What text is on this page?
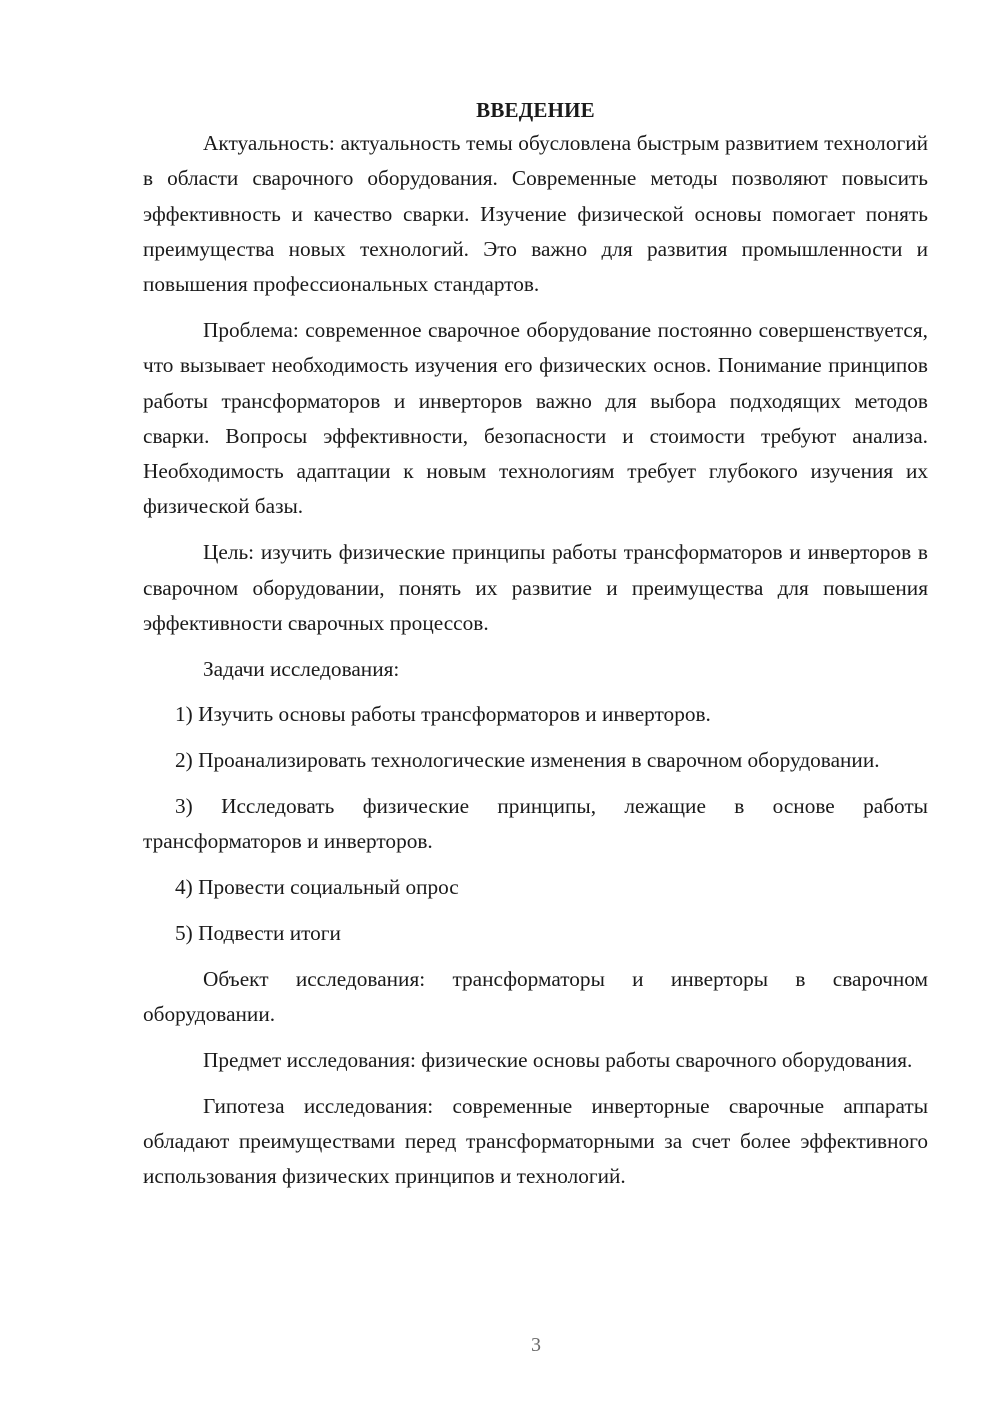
ВВЕДЕНИЕ

Актуальность: актуальность темы обусловлена быстрым развитием технологий в области сварочного оборудования. Современные методы позволяют повысить эффективность и качество сварки. Изучение физической основы помогает понять преимущества новых технологий. Это важно для развития промышленности и повышения профессиональных стандартов.

Проблема: современное сварочное оборудование постоянно совершенствуется, что вызывает необходимость изучения его физических основ. Понимание принципов работы трансформаторов и инверторов важно для выбора подходящих методов сварки. Вопросы эффективности, безопасности и стоимости требуют анализа. Необходимость адаптации к новым технологиям требует глубокого изучения их физической базы.

Цель: изучить физические принципы работы трансформаторов и инверторов в сварочном оборудовании, понять их развитие и преимущества для повышения эффективности сварочных процессов.

Задачи исследования:

1) Изучить основы работы трансформаторов и инверторов.

2) Проанализировать технологические изменения в сварочном оборудовании.

3) Исследовать физические принципы, лежащие в основе работы трансформаторов и инверторов.

4) Провести социальный опрос

5) Подвести итоги

Объект исследования: трансформаторы и инверторы в сварочном оборудовании.

Предмет исследования: физические основы работы сварочного оборудования.

Гипотеза исследования: современные инверторные сварочные аппараты обладают преимуществами перед трансформаторными за счет более эффективного использования физических принципов и технологий.

3
